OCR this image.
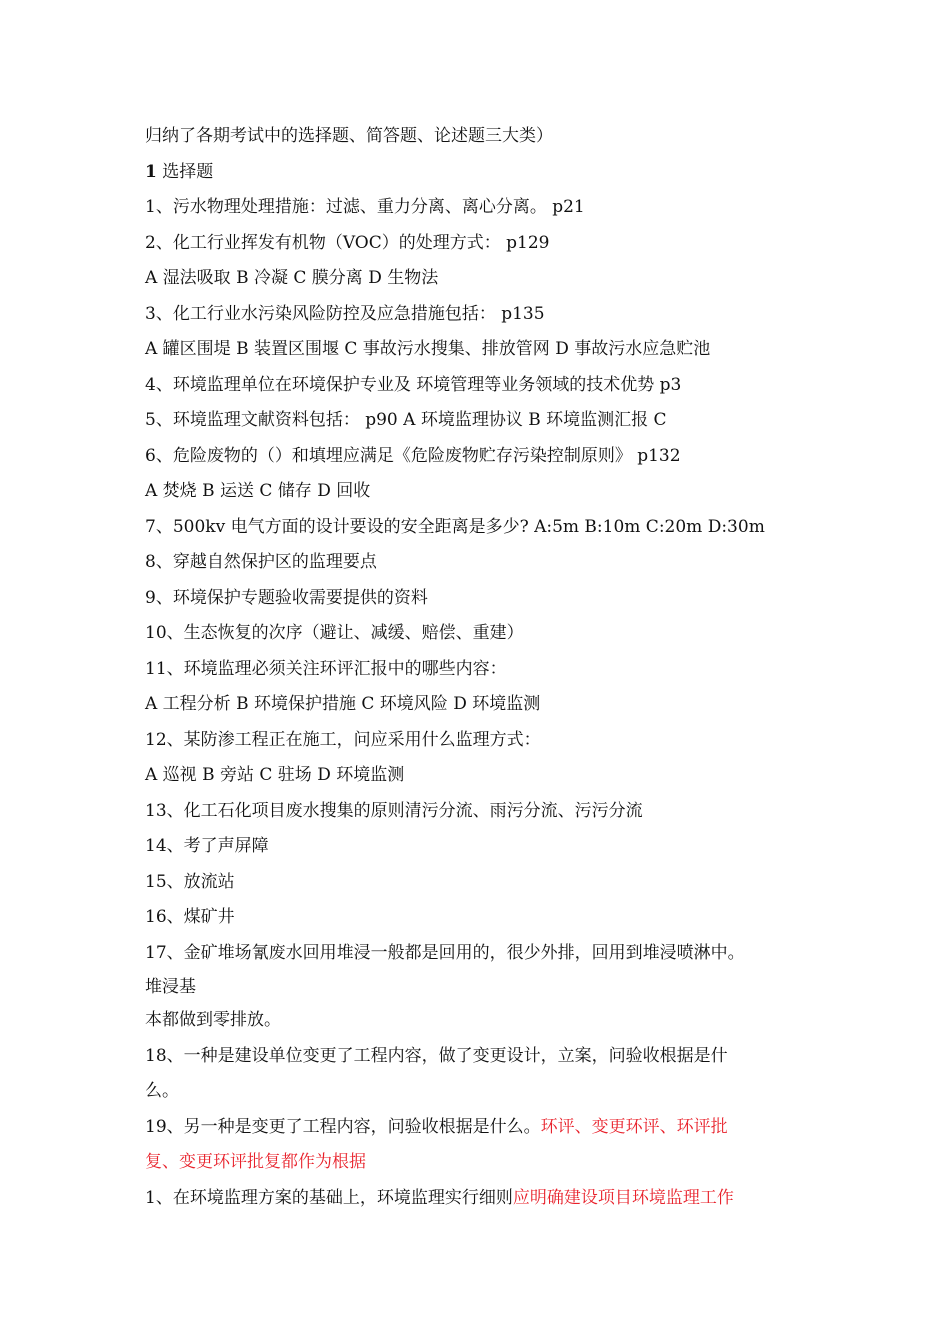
归纳了各期考试中的选择题、简答题、论述题三大类）
1 选择题
1、污水物理处理措施：过滤、重力分离、离心分离。 p21
2、化工行业挥发有机物（VOC）的处理方式： p129
A 湿法吸取 B 冷凝 C 膜分离 D 生物法
3、化工行业水污染风险防控及应急措施包括： p135
A 罐区围堤 B 装置区围堰 C 事故污水搜集、排放管网 D 事故污水应急贮池
4、环境监理单位在环境保护专业及 环境管理等业务领域的技术优势 p3
5、环境监理文献资料包括： p90 A 环境监理协议 B 环境监测汇报 C
6、危险废物的（）和填埋应满足《危险废物贮存污染控制原则》 p132
A 焚烧 B 运送 C 储存 D 回收
7、500kv 电气方面的设计要设的安全距离是多少? A:5m B:10m C:20m D:30m
8、穿越自然保护区的监理要点
9、环境保护专题验收需要提供的资料
10、生态恢复的次序（避让、减缓、赔偿、重建）
11、环境监理必须关注环评汇报中的哪些内容：
A 工程分析 B 环境保护措施 C 环境风险 D 环境监测
12、某防渗工程正在施工，问应采用什么监理方式：
A 巡视 B 旁站 C 驻场 D 环境监测
13、化工石化项目废水搜集的原则清污分流、雨污分流、污污分流
14、考了声屏障
15、放流站
16、煤矿井
17、金矿堆场氰废水回用堆浸一般都是回用的，很少外排，回用到堆浸喷淋中。
堆浸基
本都做到零排放。
18、一种是建设单位变更了工程内容，做了变更设计，立案，问验收根据是什
么。
19、另一种是变更了工程内容，问验收根据是什么。环评、变更环评、环评批
复、变更环评批复都作为根据
1、在环境监理方案的基础上，环境监理实行细则应明确建设项目环境监理工作
